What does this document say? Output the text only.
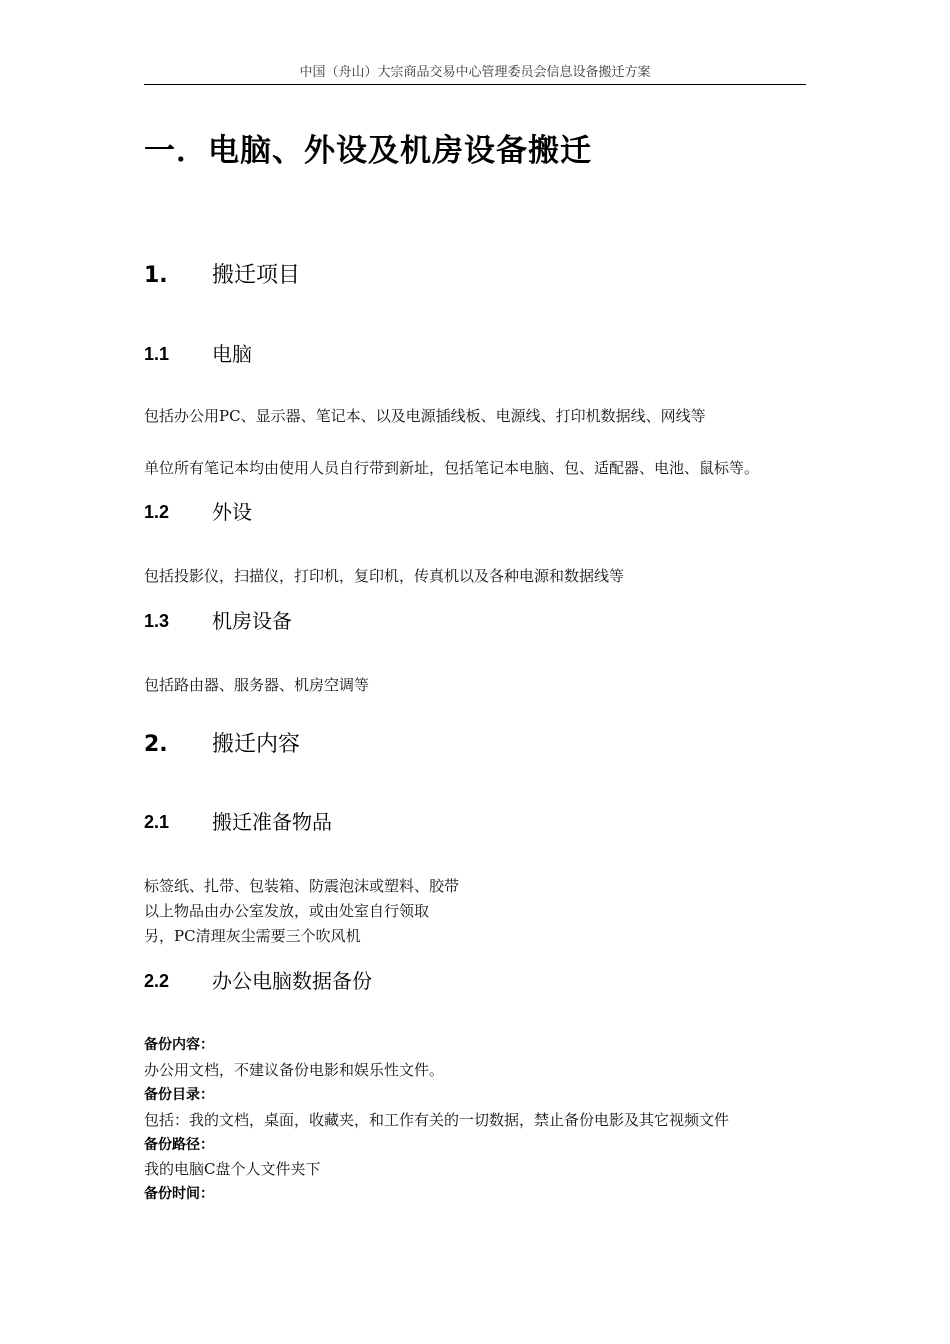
中国（舟山）大宗商品交易中心管理委员会信息设备搬迁方案
一．电脑、外设及机房设备搬迁
1. 搬迁项目
1.1 电脑
包括办公用PC、显示器、笔记本、以及电源插线板、电源线、打印机数据线、网线等
单位所有笔记本均由使用人员自行带到新址，包括笔记本电脑、包、适配器、电池、鼠标等。
1.2 外设
包括投影仪，扫描仪，打印机，复印机，传真机以及各种电源和数据线等
1.3 机房设备
包括路由器、服务器、机房空调等
2. 搬迁内容
2.1 搬迁准备物品
标签纸、扎带、包装箱、防震泡沫或塑料、胶带
以上物品由办公室发放，或由处室自行领取
另，PC清理灰尘需要三个吹风机
2.2 办公电脑数据备份
备份内容：
办公用文档，不建议备份电影和娱乐性文件。
备份目录：
包括：我的文档，桌面，收藏夹，和工作有关的一切数据，禁止备份电影及其它视频文件
备份路径：
我的电脑C盘个人文件夹下
备份时间：
